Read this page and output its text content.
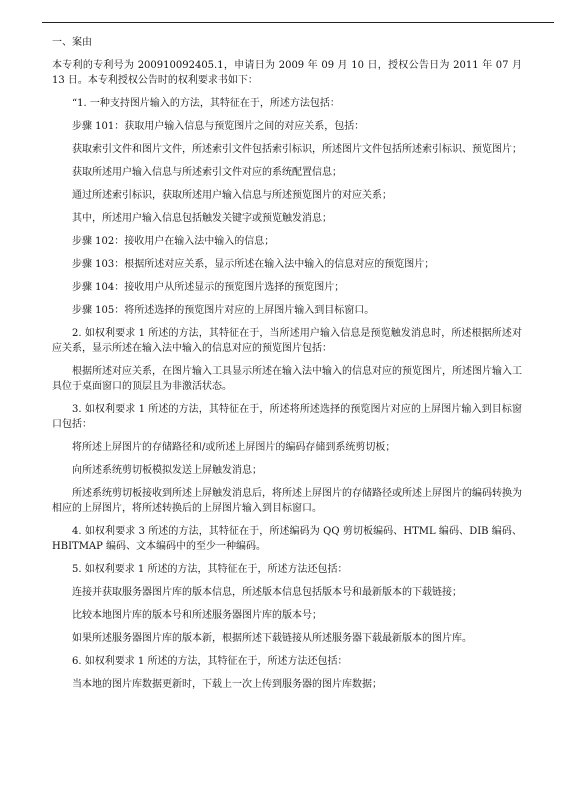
一、案由

本专利的专利号为 200910092405.1，申请日为 2009 年 09 月 10 日，授权公告日为 2011 年 07 月 13 日。本专利授权公告时的权利要求书如下：

“1. 一种支持图片输入的方法，其特征在于，所述方法包括：

步骤 101：获取用户输入信息与预览图片之间的对应关系，包括：

获取索引文件和图片文件，所述索引文件包括索引标识，所述图片文件包括所述索引标识、预览图片；

获取所述用户输入信息与所述索引文件对应的系统配置信息；

通过所述索引标识，获取所述用户输入信息与所述预览图片的对应关系；

其中，所述用户输入信息包括触发关键字或预览触发消息；

步骤 102：接收用户在输入法中输入的信息；

步骤 103：根据所述对应关系，显示所述在输入法中输入的信息对应的预览图片；

步骤 104：接收用户从所述显示的预览图片选择的预览图片；

步骤 105：将所述选择的预览图片对应的上屏图片输入到目标窗口。

2. 如权利要求 1 所述的方法，其特征在于，当所述用户输入信息是预览触发消息时，所述根据所述对应关系，显示所述在输入法中输入的信息对应的预览图片包括：

根据所述对应关系，在图片输入工具显示所述在输入法中输入的信息对应的预览图片，所述图片输入工具位于桌面窗口的顶层且为非激活状态。

3. 如权利要求 1 所述的方法，其特征在于，所述将所述选择的预览图片对应的上屏图片输入到目标窗口包括：

将所述上屏图片的存储路径和/或所述上屏图片的编码存储到系统剪切板；

向所述系统剪切板模拟发送上屏触发消息；

所述系统剪切板接收到所述上屏触发消息后，将所述上屏图片的存储路径或所述上屏图片的编码转换为相应的上屏图片，将所述转换后的上屏图片输入到目标窗口。

4. 如权利要求 3 所述的方法，其特征在于，所述编码为 QQ 剪切板编码、HTML 编码、DIB 编码、HBITMAP 编码、文本编码中的至少一种编码。

5. 如权利要求 1 所述的方法，其特征在于，所述方法还包括：

连接并获取服务器图片库的版本信息，所述版本信息包括版本号和最新版本的下载链接；

比较本地图片库的版本号和所述服务器图片库的版本号；

如果所述服务器图片库的版本新，根据所述下载链接从所述服务器下载最新版本的图片库。

6. 如权利要求 1 所述的方法，其特征在于，所述方法还包括：

当本地的图片库数据更新时，下载上一次上传到服务器的图片库数据；
